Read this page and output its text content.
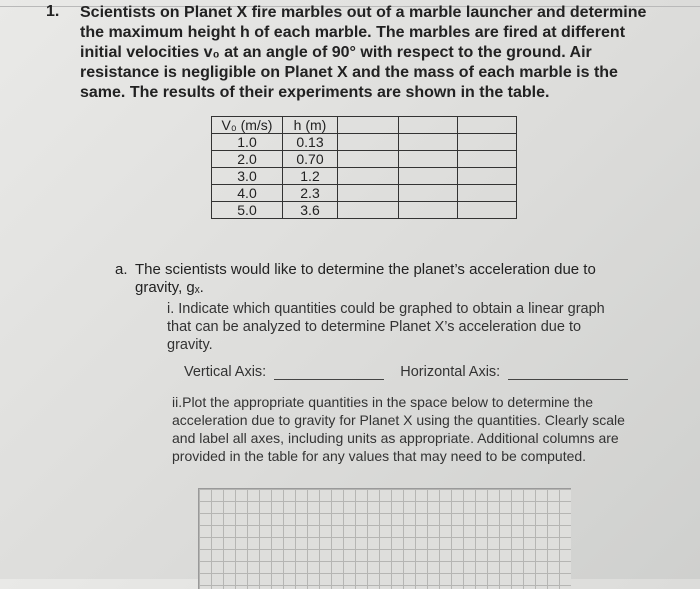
1. Scientists on Planet X fire marbles out of a marble launcher and determine the maximum height h of each marble. The marbles are fired at different initial velocities v₀ at an angle of 90° with respect to the ground. Air resistance is negligible on Planet X and the mass of each marble is the same. The results of their experiments are shown in the table.
V₀ (m/s)	h (m)			
1.0	0.13			
2.0	0.70			
3.0	1.2			
4.0	2.3			
5.0	3.6			
a. The scientists would like to determine the planet’s acceleration due to gravity, gₓ.
i. Indicate which quantities could be graphed to obtain a linear graph that can be analyzed to determine Planet X’s acceleration due to gravity.
Vertical Axis:	Horizontal Axis:
ii.Plot the appropriate quantities in the space below to determine the acceleration due to gravity for Planet X using the quantities. Clearly scale and label all axes, including units as appropriate. Additional columns are provided in the table for any values that may need to be computed.
